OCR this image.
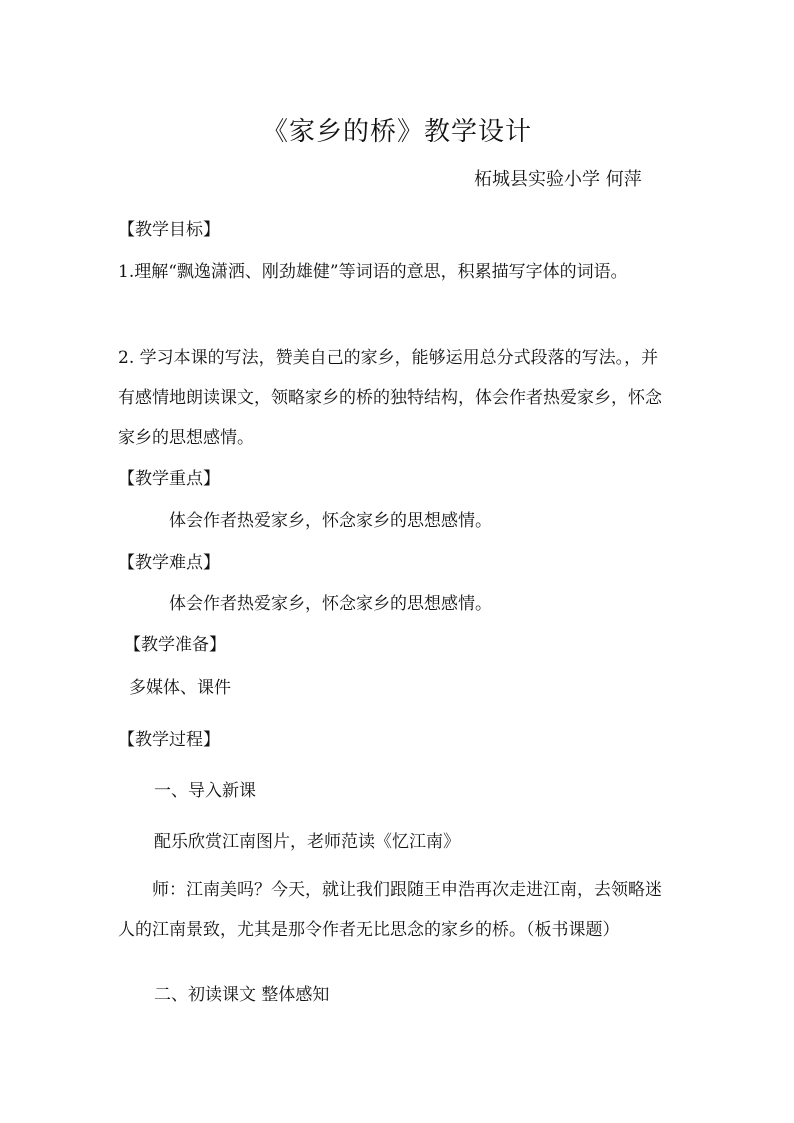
《家乡的桥》教学设计
柘城县实验小学 何萍
【教学目标】
1.理解“飘逸潇洒、刚劲雄健”等词语的意思，积累描写字体的词语。
2. 学习本课的写法，赞美自己的家乡，能够运用总分式段落的写法。，并有感情地朗读课文，领略家乡的桥的独特结构，体会作者热爱家乡，怀念家乡的思想感情。
【教学重点】
体会作者热爱家乡，怀念家乡的思想感情。
【教学难点】
体会作者热爱家乡，怀念家乡的思想感情。
【教学准备】
多媒体、课件
【教学过程】
一、导入新课
配乐欣赏江南图片，老师范读《忆江南》
师：江南美吗？今天，就让我们跟随王申浩再次走进江南，去领略迷人的江南景致，尤其是那令作者无比思念的家乡的桥。（板书课题）
二、初读课文 整体感知
